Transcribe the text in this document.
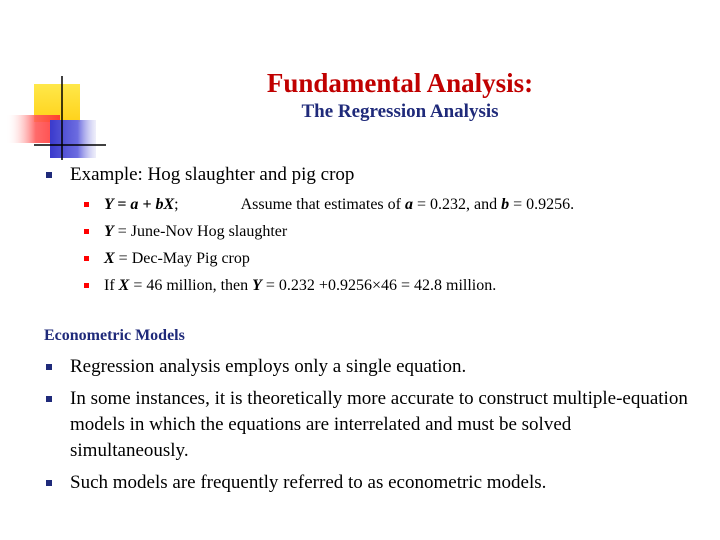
Fundamental Analysis:
The Regression Analysis
Example: Hog slaughter and pig crop
Y = a + bX;	Assume that estimates of a = 0.232, and b = 0.9256.
Y = June-Nov Hog slaughter
X = Dec-May Pig crop
If X = 46 million, then Y = 0.232 +0.9256×46 = 42.8 million.
Econometric Models
Regression analysis employs only a single equation.
In some instances, it is theoretically more accurate to construct multiple-equation models in which the equations are interrelated and must be solved simultaneously.
Such models are frequently referred to as econometric models.
